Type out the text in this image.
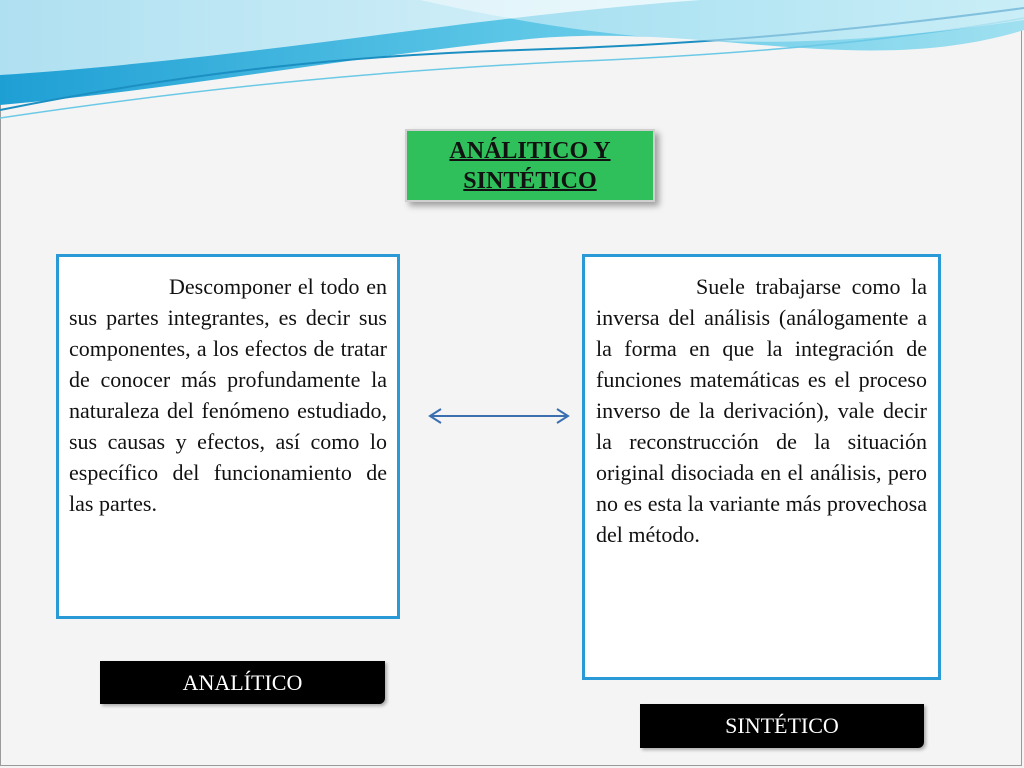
ANÁLITICO Y
SINTÉTICO

Descomponer el todo en sus partes integrantes, es decir sus componentes, a los efectos de tratar de conocer más profundamente la naturaleza del fenómeno estudiado, sus causas y efectos, así como lo específico del funcionamiento de las partes.

Suele trabajarse como la inversa del análisis (análogamente a la forma en que la integración de funciones matemáticas es el proceso inverso de la derivación), vale decir la reconstrucción de la situación original disociada en el análisis, pero no es esta la variante más provechosa del método.

ANALÍTICO
SINTÉTICO
